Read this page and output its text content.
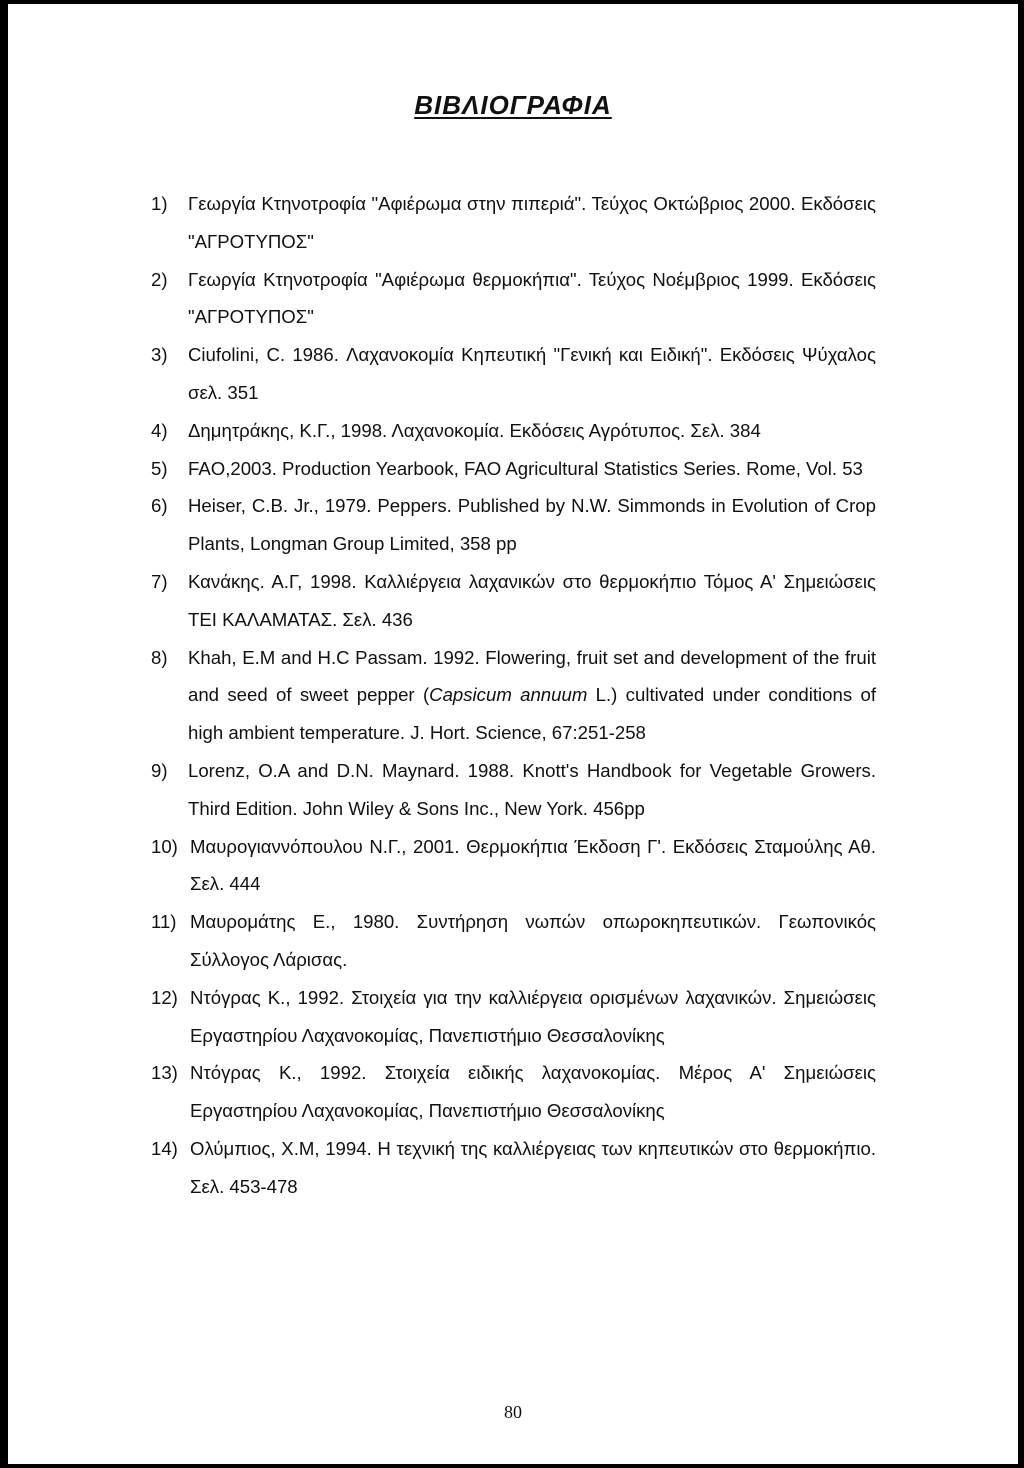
ΒΙΒΛΙΟΓΡΑΦΙΑ
1) Γεωργία Κτηνοτροφία "Αφιέρωμα στην πιπεριά". Τεύχος Οκτώβριος 2000. Εκδόσεις "ΑΓΡΟΤΥΠΟΣ"
2) Γεωργία Κτηνοτροφία "Αφιέρωμα θερμοκήπια". Τεύχος Νοέμβριος 1999. Εκδόσεις "ΑΓΡΟΤΥΠΟΣ"
3) Ciufolini, C. 1986. Λαχανοκομία Κηπευτική "Γενική και Ειδική". Εκδόσεις Ψύχαλος σελ. 351
4) Δημητράκης, Κ.Γ., 1998. Λαχανοκομία. Εκδόσεις Αγρότυπος. Σελ. 384
5) FAO,2003. Production Yearbook, FAO Agricultural Statistics Series. Rome, Vol. 53
6) Heiser, C.B. Jr., 1979. Peppers. Published by N.W. Simmonds in Evolution of Crop Plants, Longman Group Limited, 358 pp
7) Κανάκης. Α.Γ, 1998. Καλλιέργεια λαχανικών στο θερμοκήπιο Τόμος Α' Σημειώσεις ΤΕΙ ΚΑΛΑΜΑΤΑΣ. Σελ. 436
8) Khah, E.M and H.C Passam. 1992. Flowering, fruit set and development of the fruit and seed of sweet pepper (Capsicum annuum L.) cultivated under conditions of high ambient temperature. J. Hort. Science, 67:251-258
9) Lorenz, O.A and D.N. Maynard. 1988. Knott's Handbook for Vegetable Growers. Third Edition. John Wiley & Sons Inc., New York. 456pp
10) Μαυρογιαννόπουλου Ν.Γ., 2001. Θερμοκήπια Έκδοση Γ'. Εκδόσεις Σταμούλης Αθ. Σελ. 444
11) Μαυρομάτης Ε., 1980. Συντήρηση νωπών οπωροκηπευτικών. Γεωπονικός Σύλλογος Λάρισας.
12) Ντόγρας Κ., 1992. Στοιχεία για την καλλιέργεια ορισμένων λαχανικών. Σημειώσεις Εργαστηρίου Λαχανοκομίας, Πανεπιστήμιο Θεσσαλονίκης
13) Ντόγρας Κ., 1992. Στοιχεία ειδικής λαχανοκομίας. Μέρος Α' Σημειώσεις Εργαστηρίου Λαχανοκομίας, Πανεπιστήμιο Θεσσαλονίκης
14) Ολύμπιος, Χ.Μ, 1994. Η τεχνική της καλλιέργειας των κηπευτικών στο θερμοκήπιο. Σελ. 453-478
80
